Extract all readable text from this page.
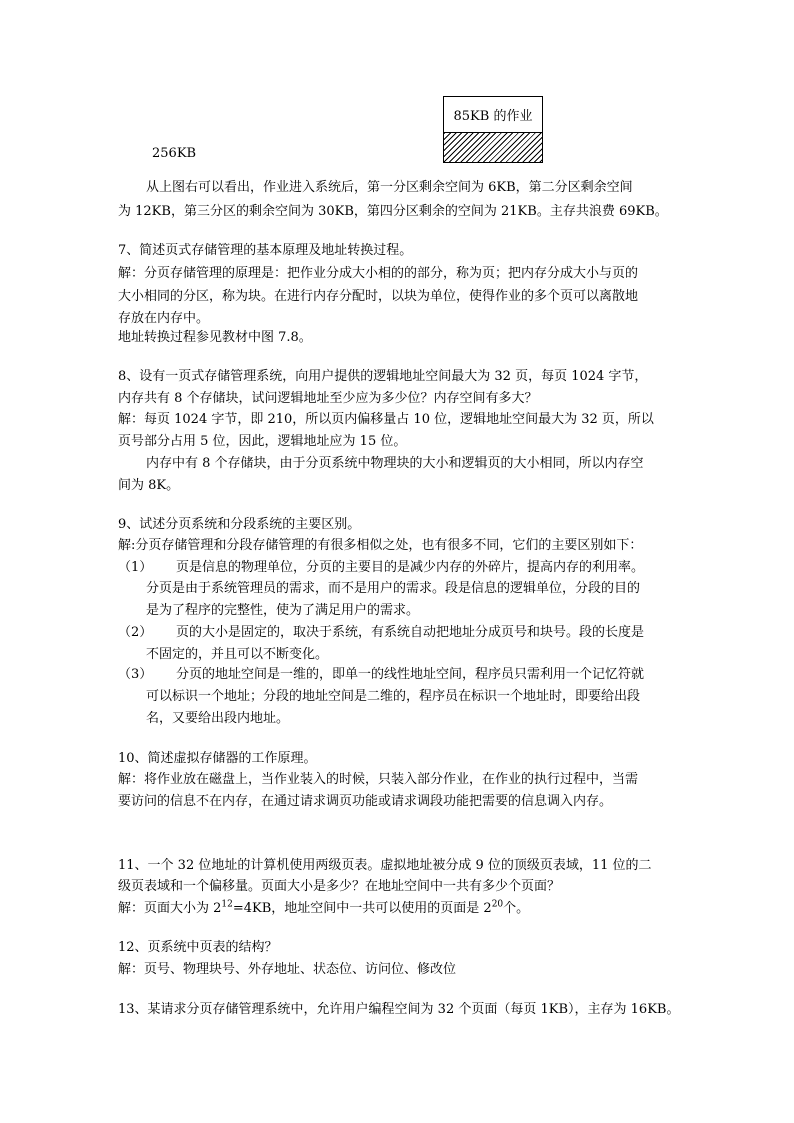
85KB 的作业
256KB
从上图右可以看出，作业进入系统后，第一分区剩余空间为 6KB，第二分区剩余空间
为 12KB，第三分区的剩余空间为 30KB，第四分区剩余的空间为 21KB。主存共浪费 69KB。
7、简述页式存储管理的基本原理及地址转换过程。
解：分页存储管理的原理是：把作业分成大小相的的部分，称为页；把内存分成大小与页的
大小相同的分区，称为块。在进行内存分配时，以块为单位，使得作业的多个页可以离散地
存放在内存中。
地址转换过程参见教材中图 7.8。
8、设有一页式存储管理系统，向用户提供的逻辑地址空间最大为 32 页，每页 1024 字节，
内存共有 8 个存储块，试问逻辑地址至少应为多少位？内存空间有多大？
解：每页 1024 字节，即 210，所以页内偏移量占 10 位，逻辑地址空间最大为 32 页，所以
页号部分占用 5 位，因此，逻辑地址应为 15 位。
内存中有 8 个存储块，由于分页系统中物理块的大小和逻辑页的大小相同，所以内存空
间为 8K。
9、试述分页系统和分段系统的主要区别。
解:分页存储管理和分段存储管理的有很多相似之处，也有很多不同，它们的主要区别如下：
（1） 页是信息的物理单位，分页的主要目的是减少内存的外碎片，提高内存的利用率。
分页是由于系统管理员的需求，而不是用户的需求。段是信息的逻辑单位，分段的目的
是为了程序的完整性，使为了满足用户的需求。
（2） 页的大小是固定的，取决于系统，有系统自动把地址分成页号和块号。段的长度是
不固定的，并且可以不断变化。
（3） 分页的地址空间是一维的，即单一的线性地址空间，程序员只需利用一个记忆符就
可以标识一个地址；分段的地址空间是二维的，程序员在标识一个地址时，即要给出段
名，又要给出段内地址。
10、简述虚拟存储器的工作原理。
解：将作业放在磁盘上，当作业装入的时候，只装入部分作业，在作业的执行过程中，当需
要访问的信息不在内存，在通过请求调页功能或请求调段功能把需要的信息调入内存。
11、一个 32 位地址的计算机使用两级页表。虚拟地址被分成 9 位的顶级页表域，11 位的二
级页表域和一个偏移量。页面大小是多少？在地址空间中一共有多少个页面？
解：页面大小为 $2^{12}=4KB$，地址空间中一共可以使用的页面是 $2^{20}$个。
12、页系统中页表的结构？
解：页号、物理块号、外存地址、状态位、访问位、修改位
13、某请求分页存储管理系统中，允许用户编程空间为 32 个页面（每页 1KB），主存为 16KB。
